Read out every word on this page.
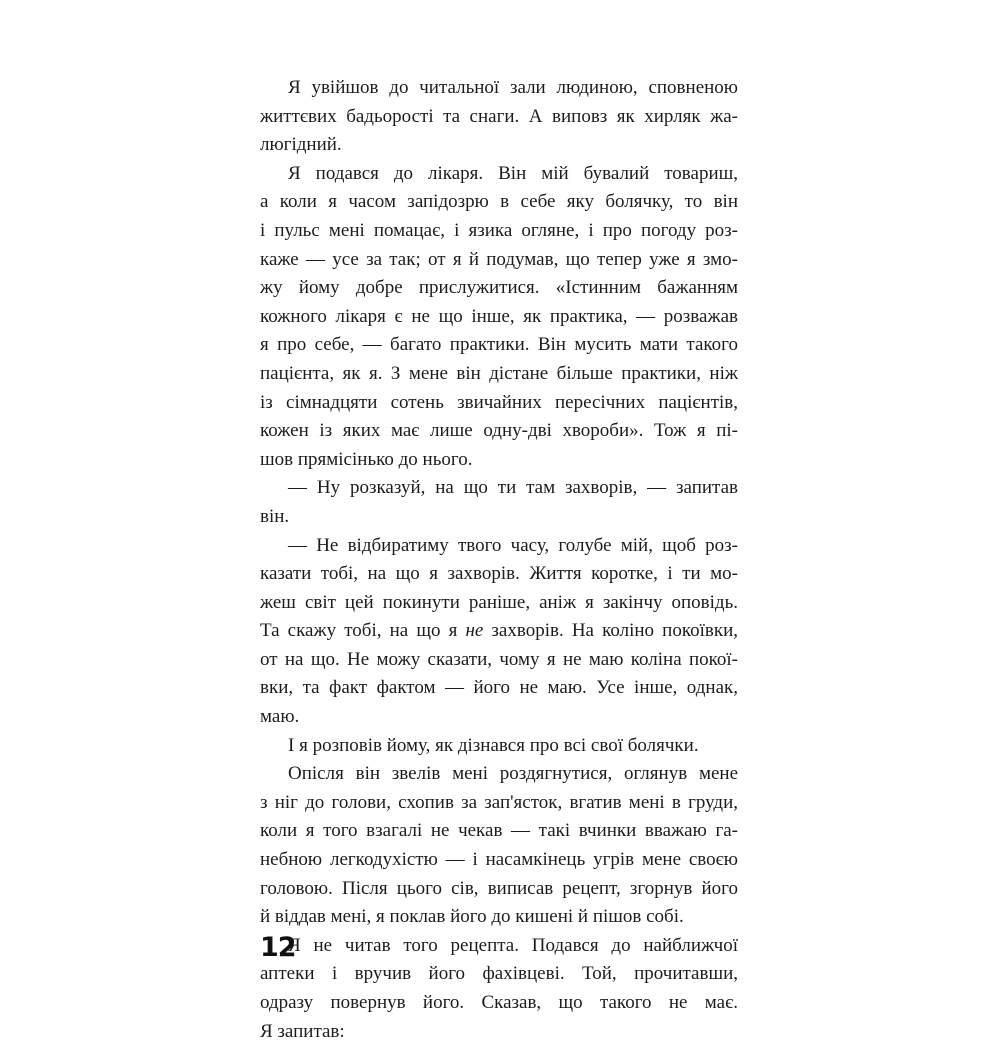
Я увійшов до читальної зали людиною, сповненою
життєвих бадьорості та снаги. А виповз як хирляк жа-
люгідний.
Я подався до лікаря. Він мій бувалий товариш,
а коли я часом запідозрю в себе яку болячку, то він
і пульс мені помацає, і язика огляне, і про погоду роз-
каже — усе за так; от я й подумав, що тепер уже я змо-
жу йому добре прислужитися. «Істинним бажанням
кожного лікаря є не що інше, як практика, — розважав
я про себе, — багато практики. Він мусить мати такого
пацієнта, як я. З мене він дістане більше практики, ніж
із сімнадцяти сотень звичайних пересічних пацієнтів,
кожен із яких має лише одну-дві хвороби». Тож я пі-
шов прямісінько до нього.
— Ну розказуй, на що ти там захворів, — запитав
він.
— Не відбиратиму твого часу, голубе мій, щоб роз-
казати тобі, на що я захворів. Життя коротке, і ти мо-
жеш світ цей покинути раніше, аніж я закінчу оповідь.
Та скажу тобі, на що я не захворів. На коліно покоївки,
от на що. Не можу сказати, чому я не маю коліна покоï-
вки, та факт фактом — його не маю. Усе інше, однак,
маю.
І я розповів йому, як дізнався про всі свої болячки.
Опісля він звелів мені роздягнутися, оглянув мене
з ніг до голови, схопив за зап'ясток, вгатив мені в груди,
коли я того взагалі не чекав — такі вчинки вважаю га-
небною легкодухістю — і насамкінець угрів мене своєю
головою. Після цього сів, виписав рецепт, згорнув його
й віддав мені, я поклав його до кишені й пішов собі.
Я не читав того рецепта. Подався до найближчої
аптеки і вручив його фахівцеві. Той, прочитавши,
одразу повернув його. Сказав, що такого не має.
Я запитав:
12
